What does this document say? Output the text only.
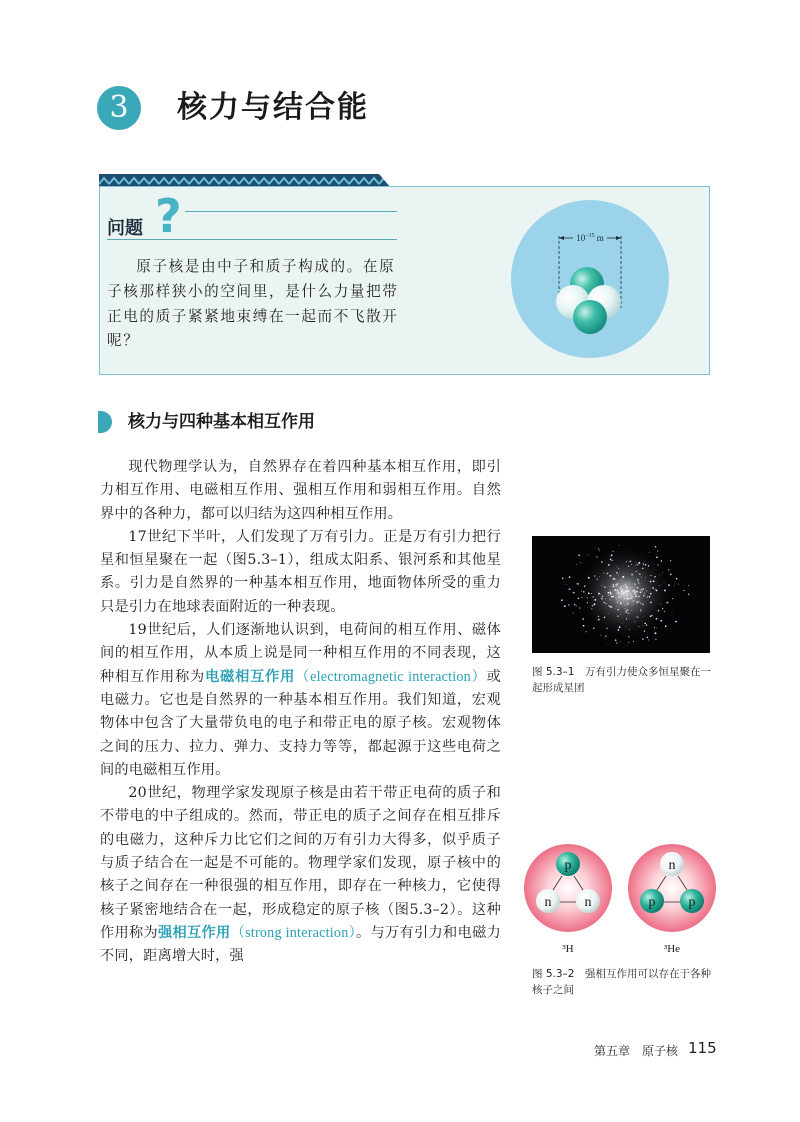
3	核力与结合能
问题 ?

原子核是由中子和质子构成的。在原子核那样狭小的空间里，是什么力量把带正电的质子紧紧地束缚在一起而不飞散开呢？

$10^{-15}$ m
核力与四种基本相互作用

现代物理学认为，自然界存在着四种基本相互作用，即引力相互作用、电磁相互作用、强相互作用和弱相互作用。自然界中的各种力，都可以归结为这四种相互作用。

17世纪下半叶，人们发现了万有引力。正是万有引力把行星和恒星聚在一起（图5.3–1），组成太阳系、银河系和其他星系。引力是自然界的一种基本相互作用，地面物体所受的重力只是引力在地球表面附近的一种表现。

19世纪后，人们逐渐地认识到，电荷间的相互作用、磁体间的相互作用，从本质上说是同一种相互作用的不同表现，这种相互作用称为电磁相互作用（electromagnetic interaction）或电磁力。它也是自然界的一种基本相互作用。我们知道，宏观物体中包含了大量带负电的电子和带正电的原子核。宏观物体之间的压力、拉力、弹力、支持力等等，都起源于这些电荷之间的电磁相互作用。

20世纪，物理学家发现原子核是由若干带正电荷的质子和不带电的中子组成的。然而，带正电的质子之间存在相互排斥的电磁力，这种斥力比它们之间的万有引力大得多，似乎质子与质子结合在一起是不可能的。物理学家们发现，原子核中的核子之间存在一种很强的相互作用，即存在一种核力，它使得核子紧密地结合在一起，形成稳定的原子核（图5.3–2）。这种作用称为强相互作用（strong interaction）。与万有引力和电磁力不同，距离增大时，强

图 5.3–1　万有引力使众多恒星聚在一起形成星团
p
n n
n
p p
³H	³He
图 5.3–2　强相互作用可以存在于各种核子之间
第五章　原子核 115
